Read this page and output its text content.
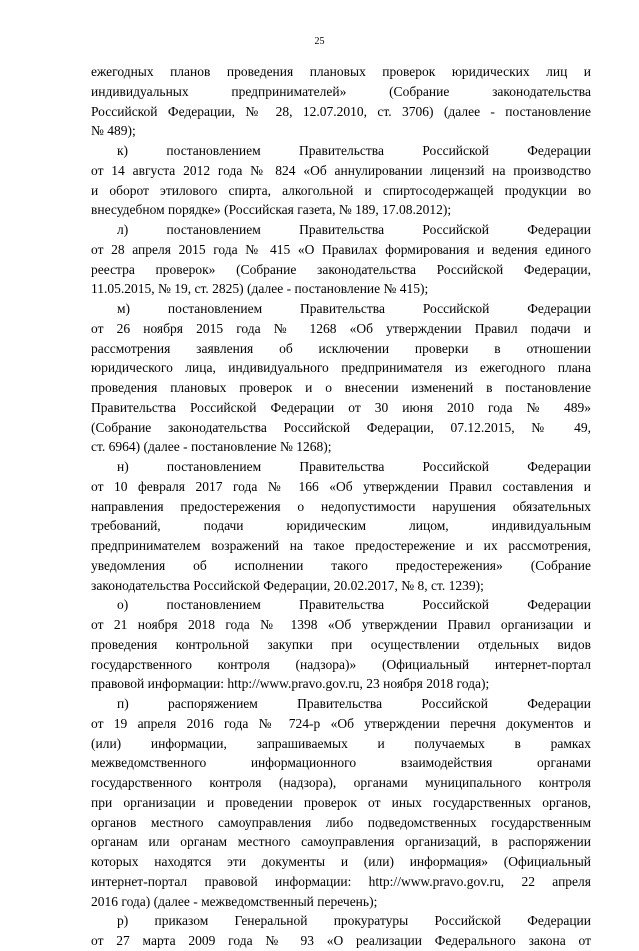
25
ежегодных планов проведения плановых проверок юридических лиц и
индивидуальных предпринимателей» (Собрание законодательства
Российской Федерации, № 28, 12.07.2010, ст. 3706) (далее - постановление
№ 489);
к) постановлением Правительства Российской Федерации
от 14 августа 2012 года № 824 «Об аннулировании лицензий на производство
и оборот этилового спирта, алкогольной и спиртосодержащей продукции во
внесудебном порядке» (Российская газета, № 189, 17.08.2012);
л) постановлением Правительства Российской Федерации
от 28 апреля 2015 года № 415 «О Правилах формирования и ведения единого
реестра проверок» (Собрание законодательства Российской Федерации,
11.05.2015, № 19, ст. 2825) (далее - постановление № 415);
м) постановлением Правительства Российской Федерации
от 26 ноября 2015 года № 1268 «Об утверждении Правил подачи и
рассмотрения заявления об исключении проверки в отношении
юридического лица, индивидуального предпринимателя из ежегодного плана
проведения плановых проверок и о внесении изменений в постановление
Правительства Российской Федерации от 30 июня 2010 года № 489»
(Собрание законодательства Российской Федерации, 07.12.2015, № 49,
ст. 6964) (далее - постановление № 1268);
н) постановлением Правительства Российской Федерации
от 10 февраля 2017 года № 166 «Об утверждении Правил составления и
направления предостережения о недопустимости нарушения обязательных
требований, подачи юридическим лицом, индивидуальным
предпринимателем возражений на такое предостережение и их рассмотрения,
уведомления об исполнении такого предостережения» (Собрание
законодательства Российской Федерации, 20.02.2017, № 8, ст. 1239);
о) постановлением Правительства Российской Федерации
от 21 ноября 2018 года № 1398 «Об утверждении Правил организации и
проведения контрольной закупки при осуществлении отдельных видов
государственного контроля (надзора)» (Официальный интернет-портал
правовой информации: http://www.pravo.gov.ru, 23 ноября 2018 года);
п) распоряжением Правительства Российской Федерации
от 19 апреля 2016 года № 724-р «Об утверждении перечня документов и
(или) информации, запрашиваемых и получаемых в рамках
межведомственного информационного взаимодействия органами
государственного контроля (надзора), органами муниципального контроля
при организации и проведении проверок от иных государственных органов,
органов местного самоуправления либо подведомственных государственным
органам или органам местного самоуправления организаций, в распоряжении
которых находятся эти документы и (или) информация» (Официальный
интернет-портал правовой информации: http://www.pravo.gov.ru, 22 апреля
2016 года) (далее - межведомственный перечень);
р) приказом Генеральной прокуратуры Российской Федерации
от 27 марта 2009 года № 93 «О реализации Федерального закона от
